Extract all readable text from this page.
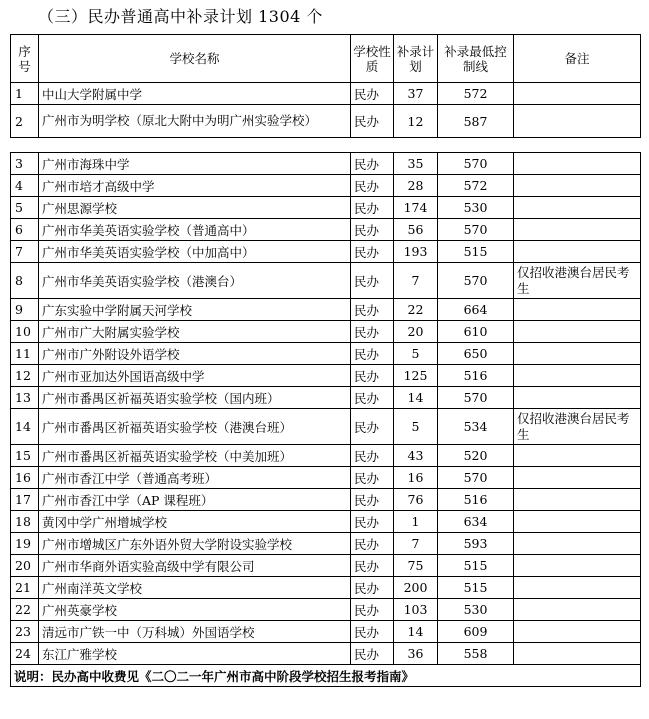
（三）民办普通高中补录计划 1304 个
序号	学校名称	学校性质	补录计划	补录最低控制线	备注
1	中山大学附属中学	民办	37	572	
2	广州市为明学校（原北大附中为明广州实验学校）	民办	12	587	
3	广州市海珠中学	民办	35	570	
4	广州市培才高级中学	民办	28	572	
5	广州思源学校	民办	174	530	
6	广州市华美英语实验学校（普通高中）	民办	56	570	
7	广州市华美英语实验学校（中加高中）	民办	193	515	
8	广州市华美英语实验学校（港澳台）	民办	7	570	仅招收港澳台居民考生
9	广东实验中学附属天河学校	民办	22	664	
10	广州市广大附属实验学校	民办	20	610	
11	广州市广外附设外语学校	民办	5	650	
12	广州市亚加达外国语高级中学	民办	125	516	
13	广州市番禺区祈福英语实验学校（国内班）	民办	14	570	
14	广州市番禺区祈福英语实验学校（港澳台班）	民办	5	534	仅招收港澳台居民考生
15	广州市番禺区祈福英语实验学校（中美加班）	民办	43	520	
16	广州市香江中学（普通高考班）	民办	16	570	
17	广州市香江中学（AP 课程班）	民办	76	516	
18	黄冈中学广州增城学校	民办	1	634	
19	广州市增城区广东外语外贸大学附设实验学校	民办	7	593	
20	广州市华商外语实验高级中学有限公司	民办	75	515	
21	广州南洋英文学校	民办	200	515	
22	广州英豪学校	民办	103	530	
23	清远市广铁一中（万科城）外国语学校	民办	14	609	
24	东江广雅学校	民办	36	558	
说明：民办高中收费见《二〇二一年广州市高中阶段学校招生报考指南》					
